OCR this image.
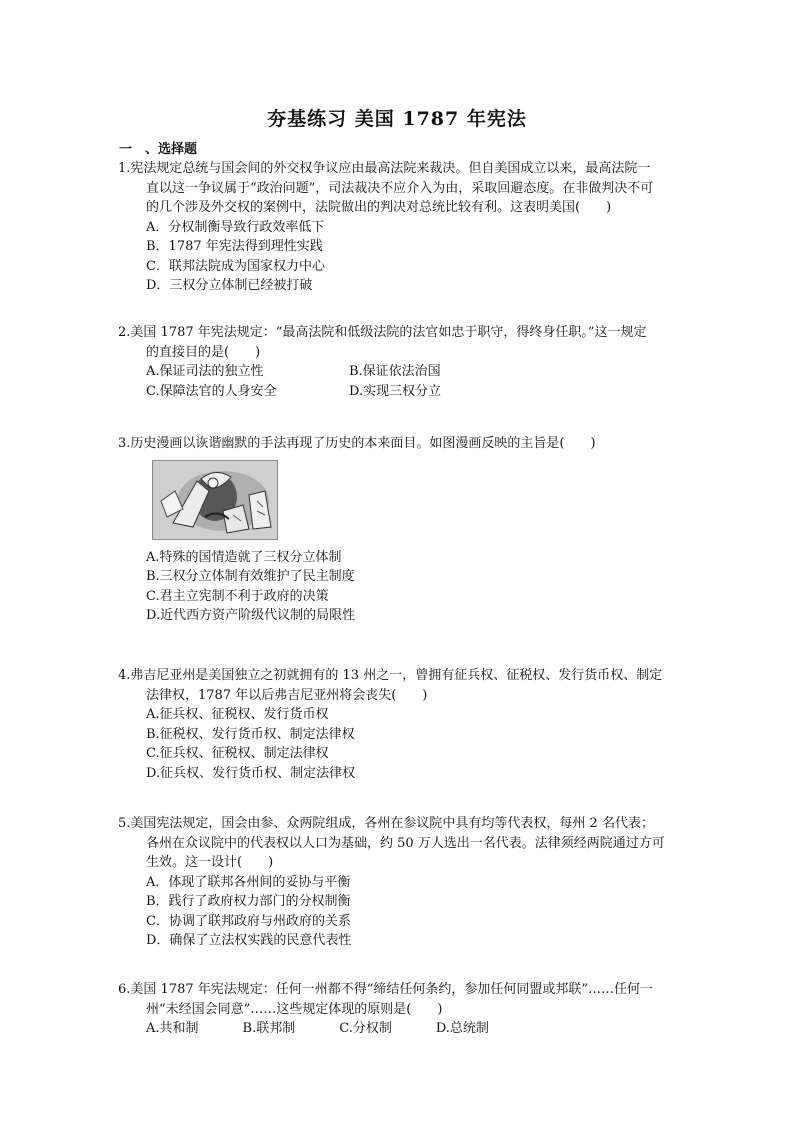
夯基练习 美国 1787 年宪法
一　、选择题
1.宪法规定总统与国会间的外交权争议应由最高法院来裁决。但自美国成立以来，最高法院一
直以这一争议属于“政治问题”，司法裁决不应介入为由，采取回避态度。在非做判决不可
的几个涉及外交权的案例中，法院做出的判决对总统比较有利。这表明美国(　　)
A．分权制衡导致行政效率低下
B．1787 年宪法得到理性实践
C．联邦法院成为国家权力中心
D．三权分立体制已经被打破
2.美国 1787 年宪法规定：“最高法院和低级法院的法官如忠于职守，得终身任职。”这一规定
的直接目的是(　　)
A.保证司法的独立性	B.保证依法治国
C.保障法官的人身安全	D.实现三权分立
3.历史漫画以诙谐幽默的手法再现了历史的本来面目。如图漫画反映的主旨是(　　)
A.特殊的国情造就了三权分立体制
B.三权分立体制有效维护了民主制度
C.君主立宪制不利于政府的决策
D.近代西方资产阶级代议制的局限性
4.弗吉尼亚州是美国独立之初就拥有的 13 州之一，曾拥有征兵权、征税权、发行货币权、制定
法律权，1787 年以后弗吉尼亚州将会丧失(　　)
A.征兵权、征税权、发行货币权
B.征税权、发行货币权、制定法律权
C.征兵权、征税权、制定法律权
D.征兵权、发行货币权、制定法律权
5.美国宪法规定，国会由参、众两院组成，各州在参议院中具有均等代表权，每州 2 名代表；
各州在众议院中的代表权以人口为基础，约 50 万人选出一名代表。法律须经两院通过方可
生效。这一设计(　　)
A．体现了联邦各州间的妥协与平衡
B．践行了政府权力部门的分权制衡
C．协调了联邦政府与州政府的关系
D．确保了立法权实践的民意代表性
6.美国 1787 年宪法规定：任何一州都不得“缔结任何条约，参加任何同盟或邦联”……任何一
州“未经国会同意”……这些规定体现的原则是(　　)
A.共和制	B.联邦制	C.分权制	D.总统制
